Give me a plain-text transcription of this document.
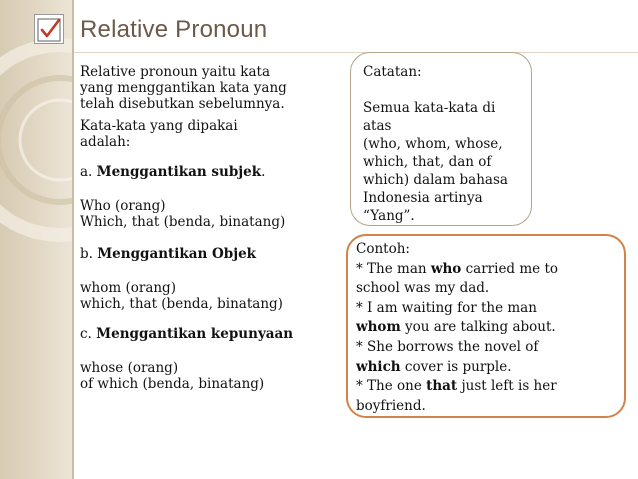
Relative Pronoun
Relative pronoun yaitu kata
yang menggantikan kata yang
telah disebutkan sebelumnya.
Kata-kata yang dipakai
adalah:
a. Menggantikan subjek.
Who (orang)
Which, that (benda, binatang)
b. Menggantikan Objek
whom (orang)
which, that (benda, binatang)
c. Menggantikan kepunyaan
whose (orang)
of which (benda, binatang)
Catatan:
Semua kata-kata di
atas
(who, whom, whose,
which, that, dan of
which) dalam bahasa
Indonesia artinya
“Yang”.
Contoh:
* The man who carried me to
school was my dad.
* I am waiting for the man
whom you are talking about.
* She borrows the novel of
which cover is purple.
* The one that just left is her
boyfriend.
